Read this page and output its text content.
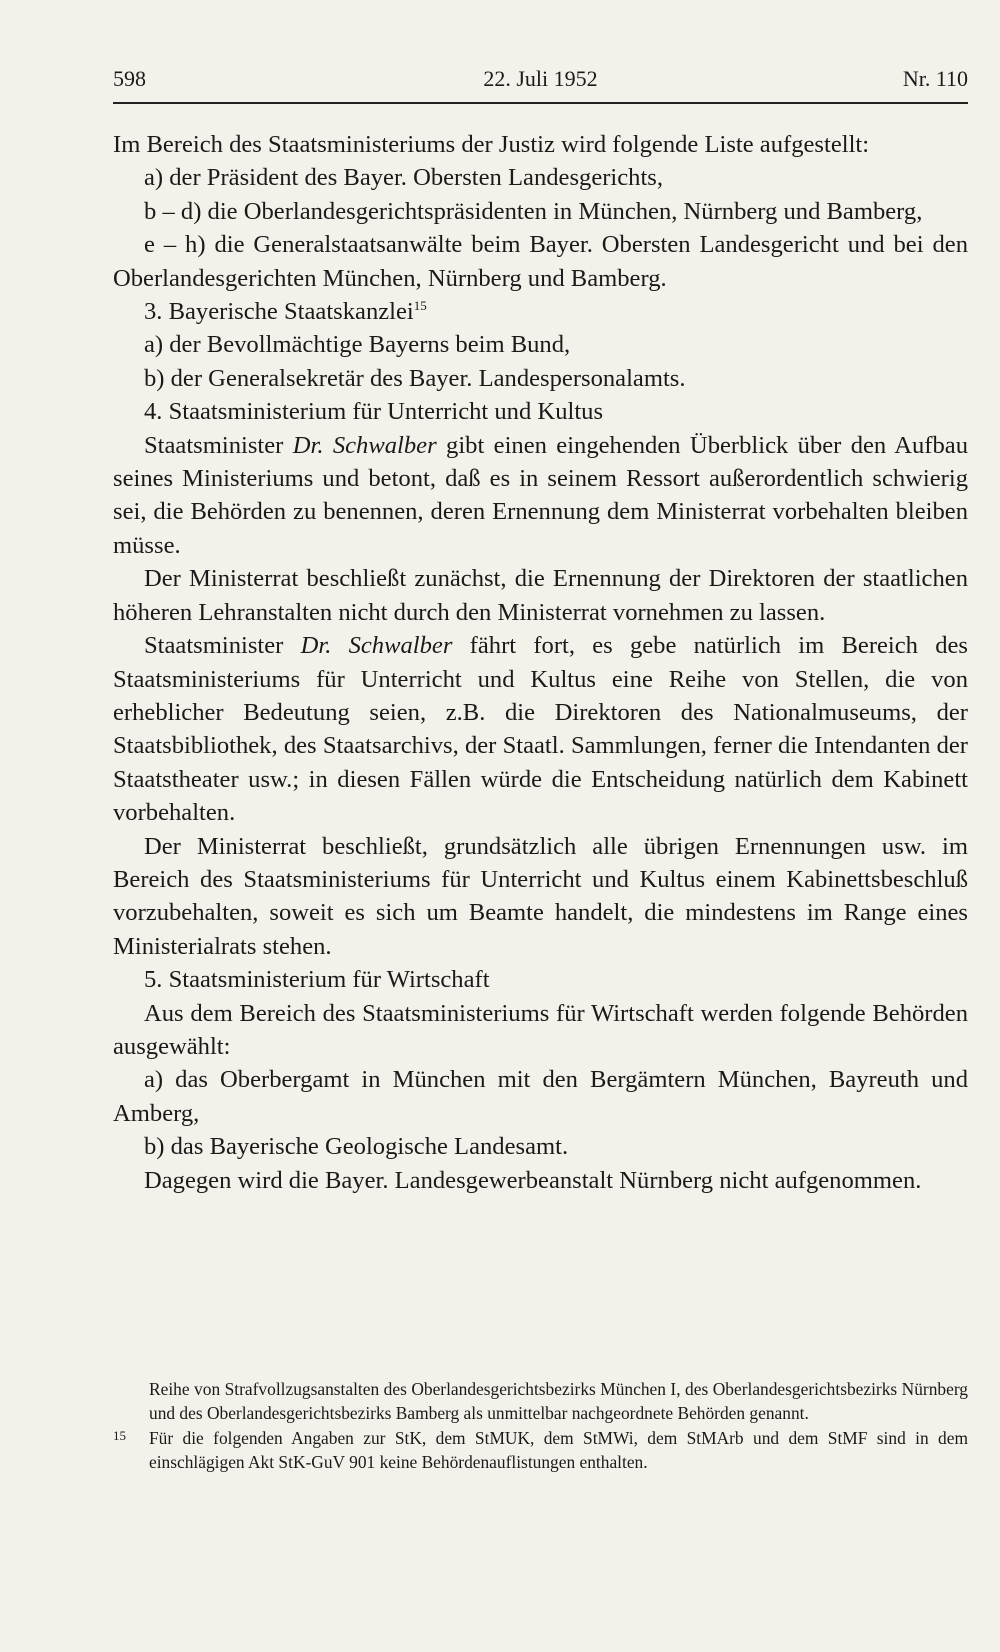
598	22. Juli 1952	Nr. 110

Im Bereich des Staatsministeriums der Justiz wird folgende Liste aufgestellt:

a) der Präsident des Bayer. Obersten Landesgerichts,

b – d) die Oberlandesgerichtspräsidenten in München, Nürnberg und Bamberg,

e – h) die Generalstaatsanwälte beim Bayer. Obersten Landesgericht und bei den Oberlandesgerichten München, Nürnberg und Bamberg.

3. Bayerische Staatskanzlei$^{15}$

a) der Bevollmächtige Bayerns beim Bund,

b) der Generalsekretär des Bayer. Landespersonalamts.

4. Staatsministerium für Unterricht und Kultus

Staatsminister Dr. Schwalber gibt einen eingehenden Überblick über den Aufbau seines Ministeriums und betont, daß es in seinem Ressort außerordentlich schwierig sei, die Behörden zu benennen, deren Ernennung dem Ministerrat vorbehalten bleiben müsse.

Der Ministerrat beschließt zunächst, die Ernennung der Direktoren der staatlichen höheren Lehranstalten nicht durch den Ministerrat vornehmen zu lassen.

Staatsminister Dr. Schwalber fährt fort, es gebe natürlich im Bereich des Staatsministeriums für Unterricht und Kultus eine Reihe von Stellen, die von erheblicher Bedeutung seien, z.B. die Direktoren des Nationalmuseums, der Staatsbibliothek, des Staatsarchivs, der Staatl. Sammlungen, ferner die Intendanten der Staatstheater usw.; in diesen Fällen würde die Entscheidung natürlich dem Kabinett vorbehalten.

Der Ministerrat beschließt, grundsätzlich alle übrigen Ernennungen usw. im Bereich des Staatsministeriums für Unterricht und Kultus einem Kabinettsbeschluß vorzubehalten, soweit es sich um Beamte handelt, die mindestens im Range eines Ministerialrats stehen.

5. Staatsministerium für Wirtschaft

Aus dem Bereich des Staatsministeriums für Wirtschaft werden folgende Behörden ausgewählt:

a) das Oberbergamt in München mit den Bergämtern München, Bayreuth und Amberg,

b) das Bayerische Geologische Landesamt.

Dagegen wird die Bayer. Landesgewerbeanstalt Nürnberg nicht aufgenommen.

Reihe von Strafvollzugsanstalten des Oberlandesgerichtsbezirks München I, des Oberlandesgerichtsbezirks Nürnberg und des Oberlandesgerichtsbezirks Bamberg als unmittelbar nachgeordnete Behörden genannt.

15 Für die folgenden Angaben zur StK, dem StMUK, dem StMWi, dem StMArb und dem StMF sind in dem einschlägigen Akt StK-GuV 901 keine Behördenauflistungen enthalten.
